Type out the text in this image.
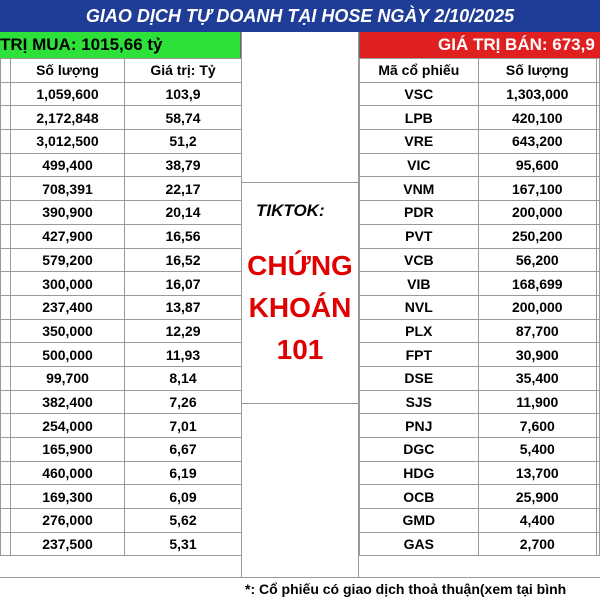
GIAO DỊCH TỰ DOANH TẠI HOSE NGÀY 2/10/2025
TRỊ MUA: 1015,66 tỷ	GIÁ TRỊ BÁN: 673,9
	Số lượng	Giá trị: Tỷ
	1,059,600	103,9
	2,172,848	58,74
	3,012,500	51,2
	499,400	38,79
	708,391	22,17
	390,900	20,14
	427,900	16,56
	579,200	16,52
	300,000	16,07
	237,400	13,87
	350,000	12,29
	500,000	11,93
	99,700	8,14
	382,400	7,26
	254,000	7,01
	165,900	6,67
	460,000	6,19
	169,300	6,09
	276,000	5,62
	237,500	5,31
TIKTOK:
CHỨNG
KHOÁN
101
Mã cổ phiếu	Số lượng	
VSC	1,303,000	
LPB	420,100	
VRE	643,200	
VIC	95,600	
VNM	167,100	
PDR	200,000	
PVT	250,200	
VCB	56,200	
VIB	168,699	
NVL	200,000	
PLX	87,700	
FPT	30,900	
DSE	35,400	
SJS	11,900	
PNJ	7,600	
DGC	5,400	
HDG	13,700	
OCB	25,900	
GMD	4,400	
GAS	2,700	
*: Cổ phiếu có giao dịch thoả thuận(xem tại bình
